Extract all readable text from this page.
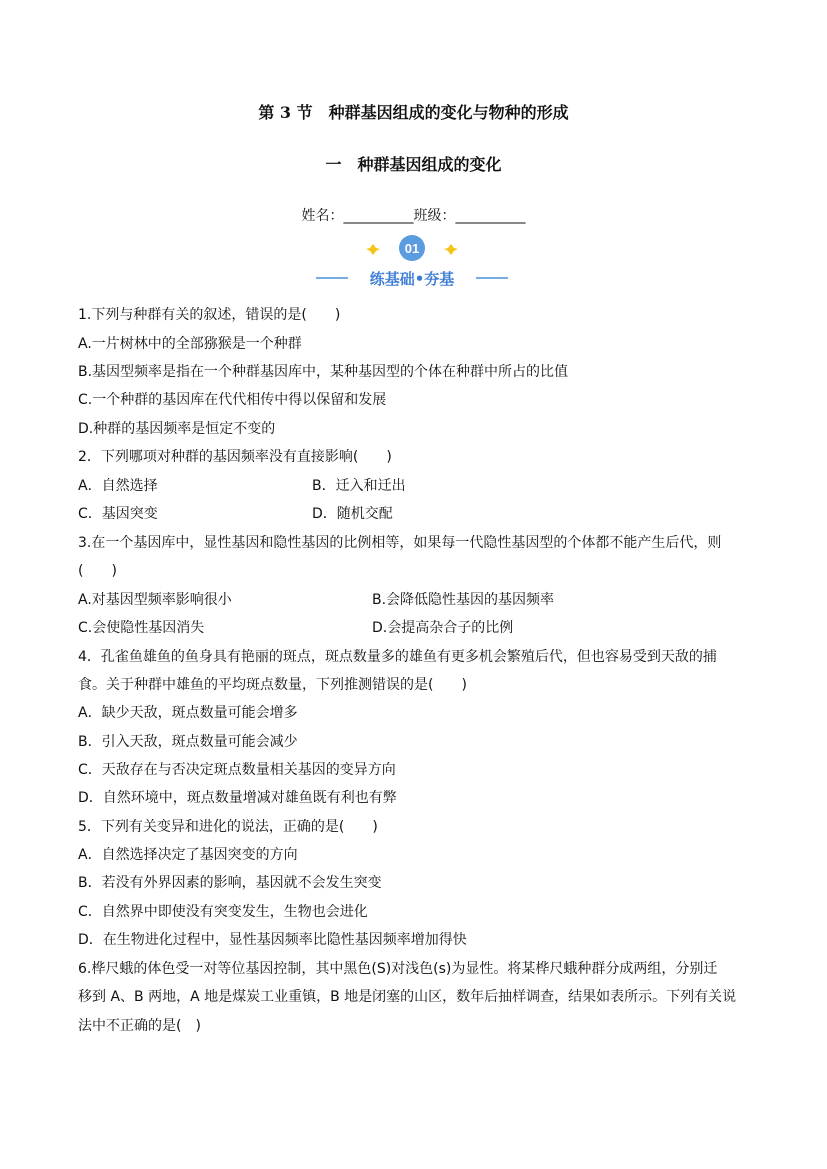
第 3 节　种群基因组成的变化与物种的形成
一　种群基因组成的变化
姓名：__________班级：__________
01
练基础•夯基
1.下列与种群有关的叙述，错误的是(　　)
A.一片树林中的全部猕猴是一个种群
B.基因型频率是指在一个种群基因库中，某种基因型的个体在种群中所占的比值
C.一个种群的基因库在代代相传中得以保留和发展
D.种群的基因频率是恒定不变的
2．下列哪项对种群的基因频率没有直接影响(　　)
A．自然选择	B．迁入和迁出
C．基因突变	D．随机交配
3.在一个基因库中，显性基因和隐性基因的比例相等，如果每一代隐性基因型的个体都不能产生后代，则
(　　)
A.对基因型频率影响很小	B.会降低隐性基因的基因频率
C.会使隐性基因消失	D.会提高杂合子的比例
4．孔雀鱼雄鱼的鱼身具有艳丽的斑点，斑点数量多的雄鱼有更多机会繁殖后代，但也容易受到天敌的捕
食。关于种群中雄鱼的平均斑点数量，下列推测错误的是(　　)
A．缺少天敌，斑点数量可能会增多
B．引入天敌，斑点数量可能会减少
C．天敌存在与否决定斑点数量相关基因的变异方向
D．自然环境中，斑点数量增减对雄鱼既有利也有弊
5．下列有关变异和进化的说法，正确的是(　　)
A．自然选择决定了基因突变的方向
B．若没有外界因素的影响，基因就不会发生突变
C．自然界中即使没有突变发生，生物也会进化
D．在生物进化过程中，显性基因频率比隐性基因频率增加得快
6.桦尺蛾的体色受一对等位基因控制，其中黑色(S)对浅色(s)为显性。将某桦尺蛾种群分成两组，分别迁
移到 A、B 两地，A 地是煤炭工业重镇，B 地是闭塞的山区，数年后抽样调查，结果如表所示。下列有关说
法中不正确的是(　)
